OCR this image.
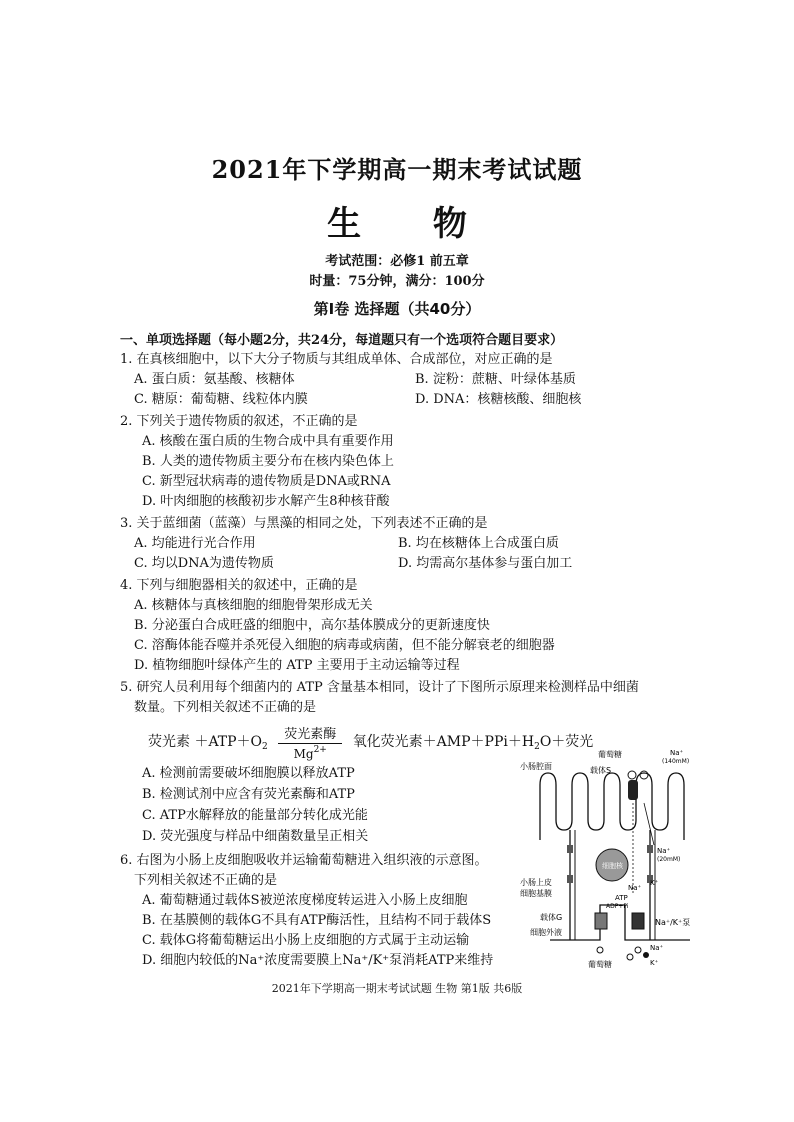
2021年下学期高一期末考试试题
生 物
考试范围：必修1 前五章
时量：75分钟，满分：100分
第Ⅰ卷 选择题（共40分）
一、单项选择题（每小题2分，共24分，每道题只有一个选项符合题目要求）
1. 在真核细胞中，以下大分子物质与其组成单体、合成部位，对应正确的是
A. 蛋白质：氨基酸、核糖体	B. 淀粉：蔗糖、叶绿体基质
C. 糖原：葡萄糖、线粒体内膜	D. DNA：核糖核酸、细胞核
2. 下列关于遗传物质的叙述，不正确的是
A. 核酸在蛋白质的生物合成中具有重要作用
B. 人类的遗传物质主要分布在核内染色体上
C. 新型冠状病毒的遗传物质是DNA或RNA
D. 叶肉细胞的核酸初步水解产生8种核苷酸
3. 关于蓝细菌（蓝藻）与黑藻的相同之处，下列表述不正确的是
A. 均能进行光合作用	B. 均在核糖体上合成蛋白质
C. 均以DNA为遗传物质	D. 均需高尔基体参与蛋白加工
4. 下列与细胞器相关的叙述中，正确的是
A. 核糖体与真核细胞的细胞骨架形成无关
B. 分泌蛋白合成旺盛的细胞中，高尔基体膜成分的更新速度快
C. 溶酶体能吞噬并杀死侵入细胞的病毒或病菌，但不能分解衰老的细胞器
D. 植物细胞叶绿体产生的 ATP 主要用于主动运输等过程
5. 研究人员利用每个细菌内的 ATP 含量基本相同，设计了下图所示原理来检测样品中细菌
数量。下列相关叙述不正确的是
荧光素 $+ATP+O_2$
荧光素酶
$Mg^{2+}$	氧化荧光素$+AMP+PPi+H_2O+$荧光
A. 检测前需要破坏细胞膜以释放ATP
B. 检测试剂中应含有荧光素酶和ATP
C. ATP水解释放的能量部分转化成光能
D. 荧光强度与样品中细菌数量呈正相关
6. 右图为小肠上皮细胞吸收并运输葡萄糖进入组织液的示意图。
下列相关叙述不正确的是
A. 葡萄糖通过载体S被逆浓度梯度转运进入小肠上皮细胞
B. 在基膜侧的载体G不具有ATP酶活性，且结构不同于载体S
C. 载体G将葡萄糖运出小肠上皮细胞的方式属于主动运输
D. 细胞内较低的Na⁺浓度需要膜上Na⁺/K⁺泵消耗ATP来维持
细胞核
葡萄糖
小肠腔面	载体S
Na⁺
(140mM)
Na⁺
(20mM)
小肠上皮
细胞基膜	ATP
ADP+Pi
Na⁺
K⁺
载体G
Na⁺/K⁺泵
细胞外液
葡萄糖
Na⁺
K⁺
2021年下学期高一期末考试试题 生物 第1版 共6版
